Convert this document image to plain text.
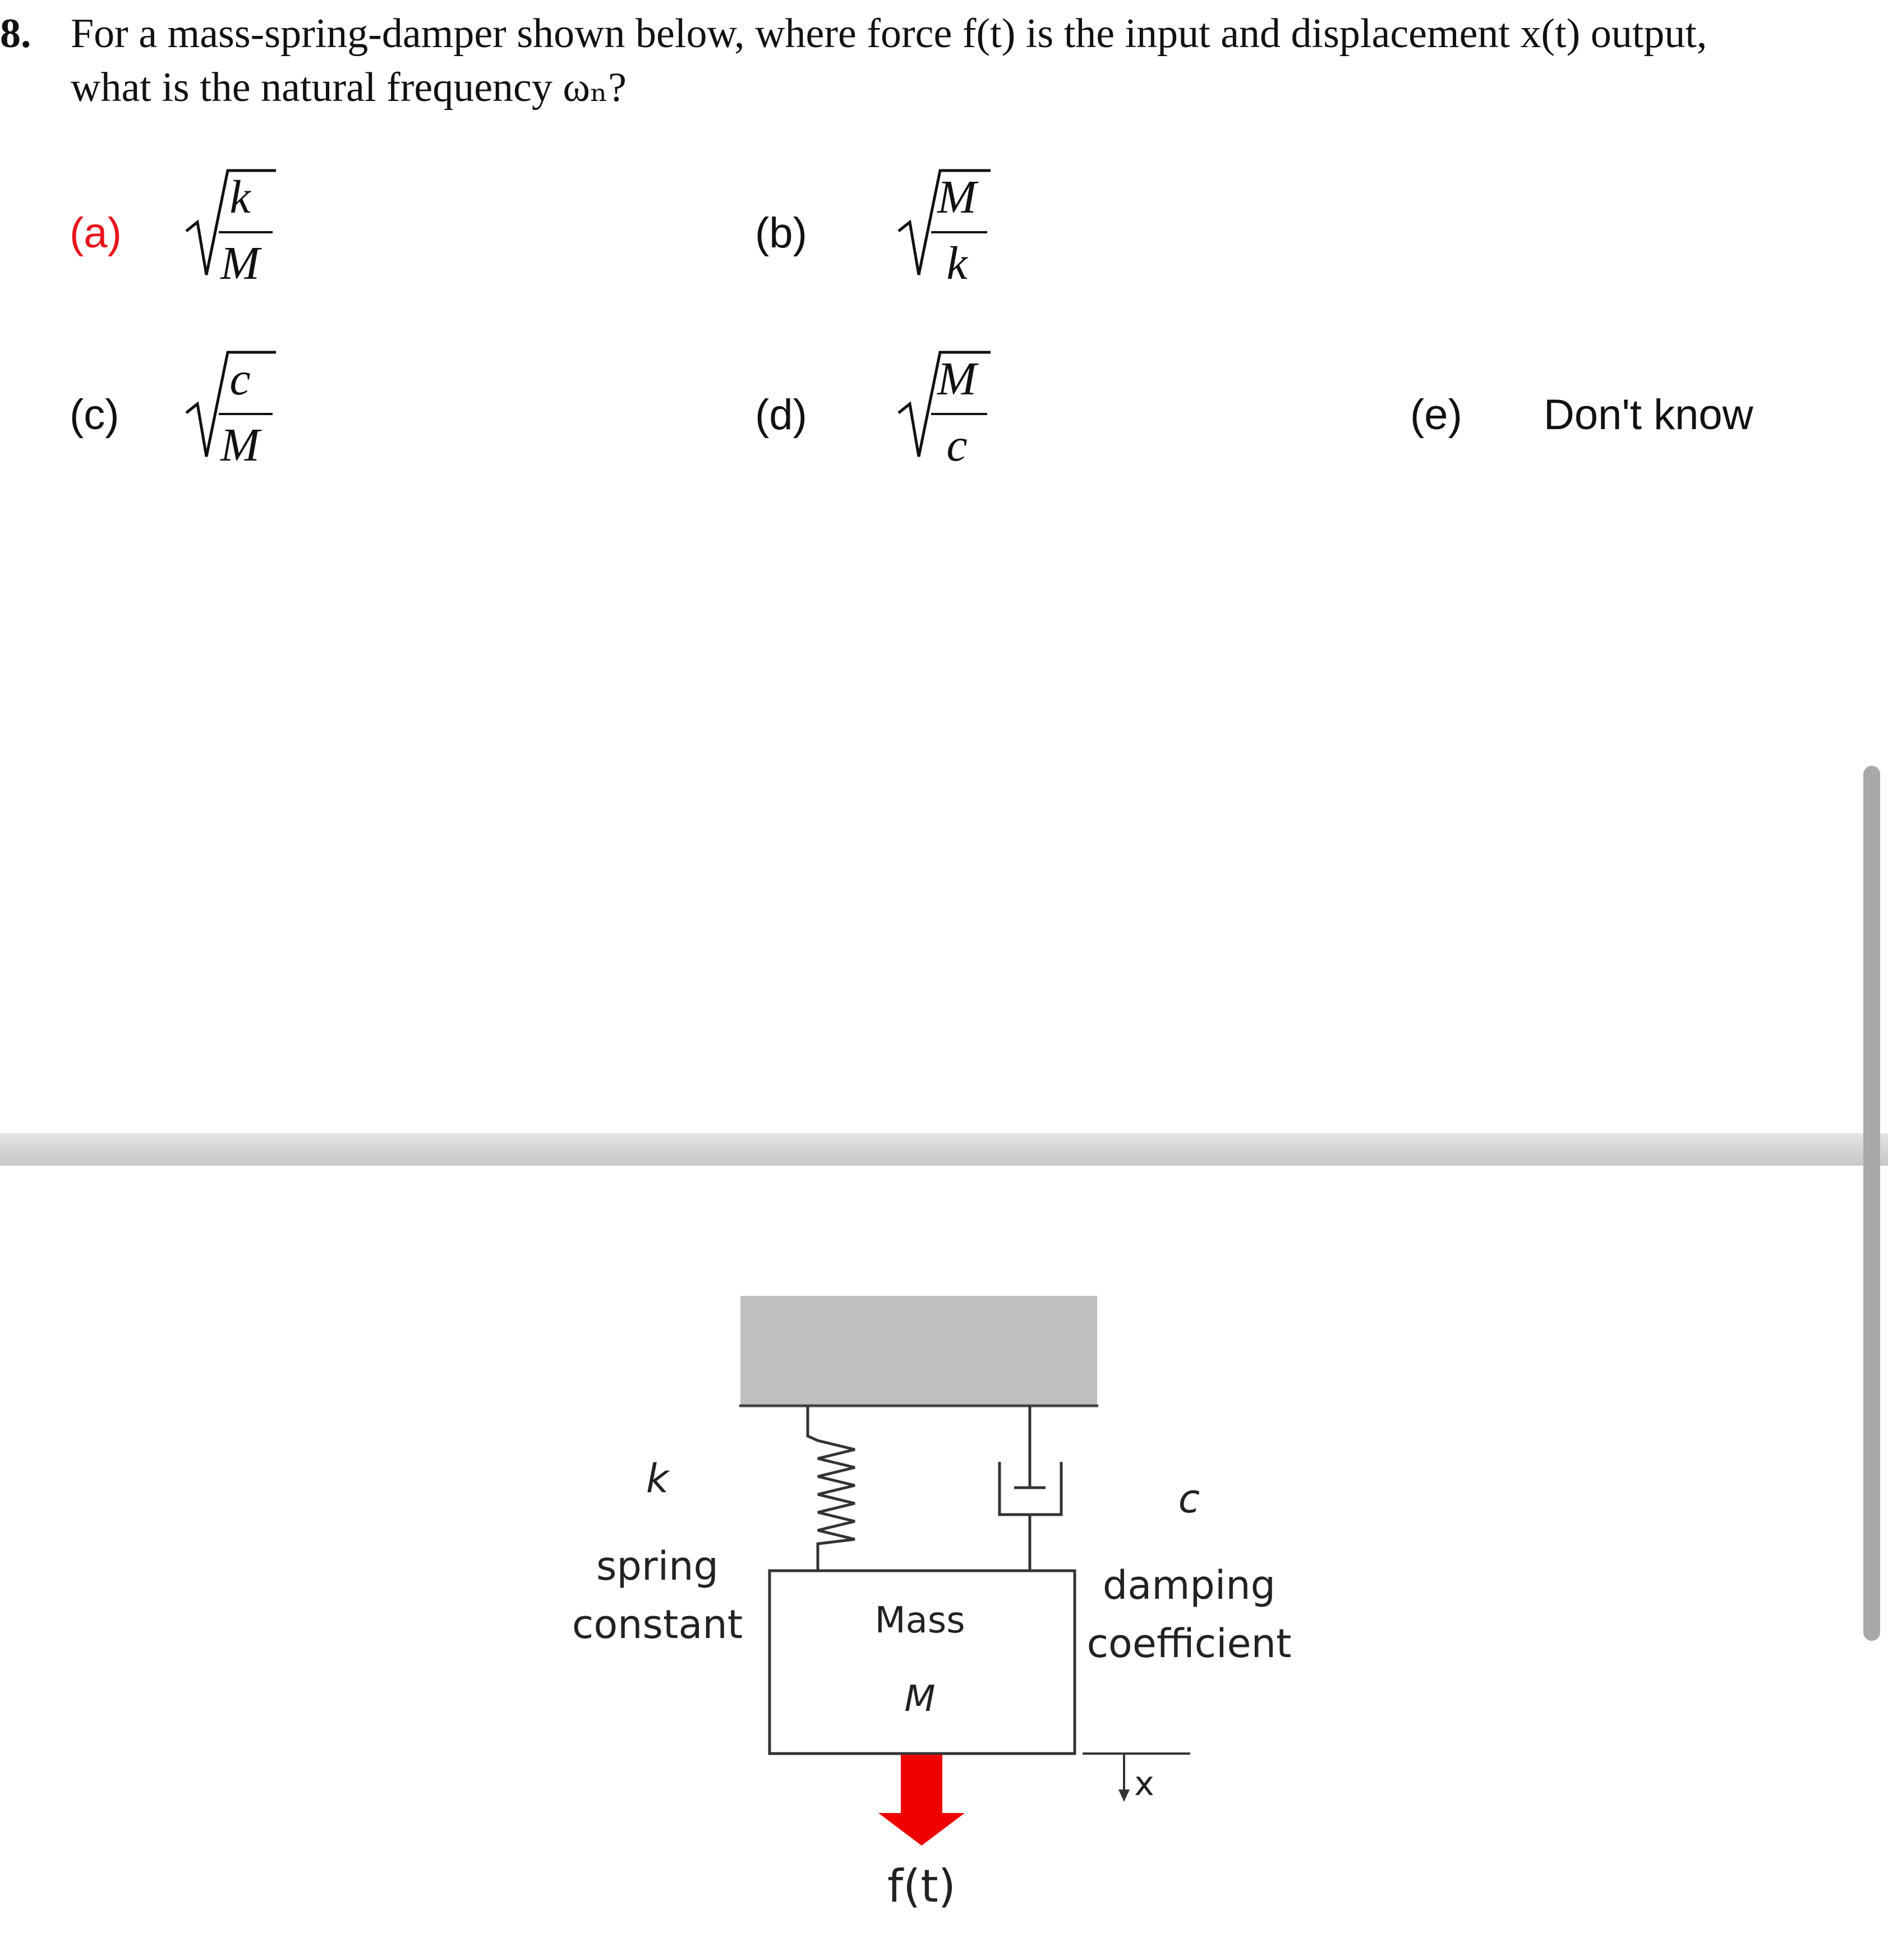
8. For a mass-spring-damper shown below, where force f(t) is the input and displacement x(t) output,
what is the natural frequency ωₙ?
(a)
k
M
(b)
M
k
(c)
c
M
(d)
M
c
(e) Don't know
k
spring
constant
c
damping
coefficient
Mass
M
x
f(t)
